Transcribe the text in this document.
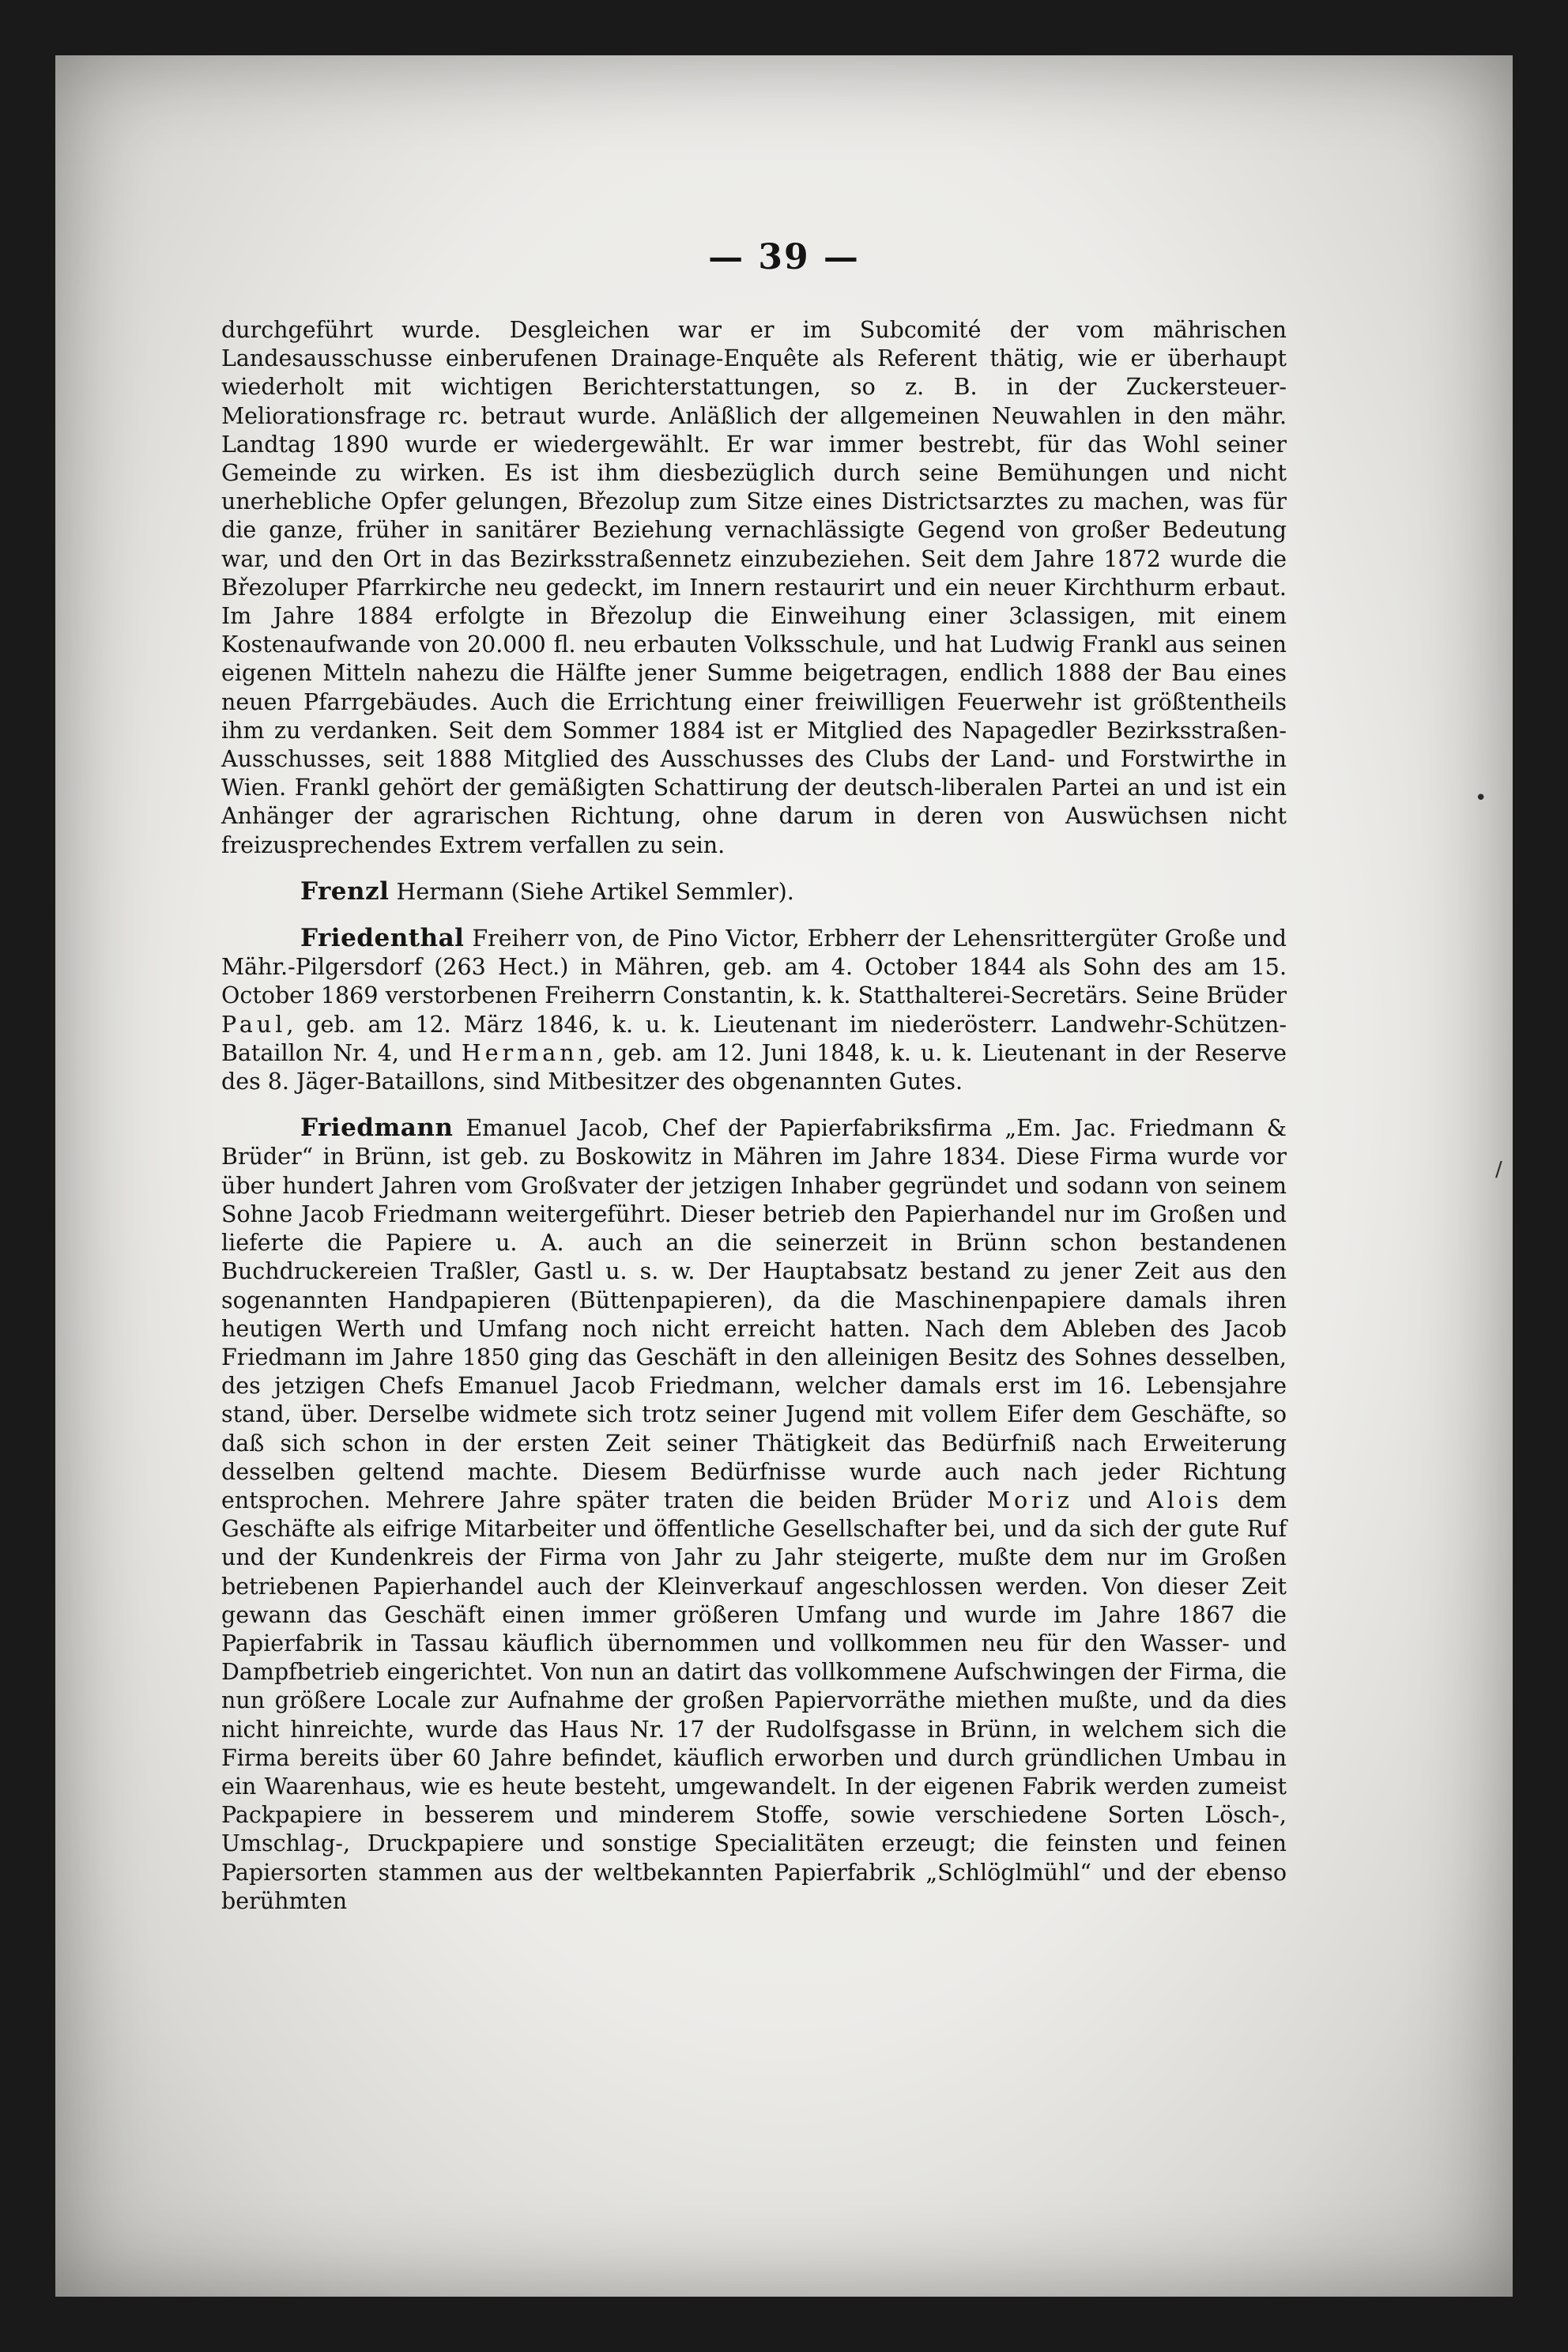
— 39 —

durchgeführt wurde. Desgleichen war er im Subcomité der vom mährischen Landesausschusse einberufenen Drainage-Enquête als Referent thätig, wie er überhaupt wiederholt mit wichtigen Berichterstattungen, so z. B. in der Zuckersteuer-Meliorationsfrage rc. betraut wurde. Anläßlich der allgemeinen Neuwahlen in den mähr. Landtag 1890 wurde er wiedergewählt. Er war immer bestrebt, für das Wohl seiner Gemeinde zu wirken. Es ist ihm diesbezüglich durch seine Bemühungen und nicht unerhebliche Opfer gelungen, Březolup zum Sitze eines Districtsarztes zu machen, was für die ganze, früher in sanitärer Beziehung vernachlässigte Gegend von großer Bedeutung war, und den Ort in das Bezirksstraßennetz einzubeziehen. Seit dem Jahre 1872 wurde die Březoluper Pfarrkirche neu gedeckt, im Innern restaurirt und ein neuer Kirchthurm erbaut. Im Jahre 1884 erfolgte in Březolup die Einweihung einer 3classigen, mit einem Kostenaufwande von 20.000 fl. neu erbauten Volksschule, und hat Ludwig Frankl aus seinen eigenen Mitteln nahezu die Hälfte jener Summe beigetragen, endlich 1888 der Bau eines neuen Pfarrgebäudes. Auch die Errichtung einer freiwilligen Feuerwehr ist größtentheils ihm zu verdanken. Seit dem Sommer 1884 ist er Mitglied des Napagedler Bezirksstraßen-Ausschusses, seit 1888 Mitglied des Ausschusses des Clubs der Land- und Forstwirthe in Wien. Frankl gehört der gemäßigten Schattirung der deutsch-liberalen Partei an und ist ein Anhänger der agrarischen Richtung, ohne darum in deren von Auswüchsen nicht freizusprechendes Extrem verfallen zu sein.

Frenzl Hermann (Siehe Artikel Semmler).

Friedenthal Freiherr von, de Pino Victor, Erbherr der Lehensrittergüter Große und Mähr.-Pilgersdorf (263 Hect.) in Mähren, geb. am 4. October 1844 als Sohn des am 15. October 1869 verstorbenen Freiherrn Constantin, k. k. Statthalterei-Secretärs. Seine Brüder Paul, geb. am 12. März 1846, k. u. k. Lieutenant im niederösterr. Landwehr-Schützen-Bataillon Nr. 4, und Hermann, geb. am 12. Juni 1848, k. u. k. Lieutenant in der Reserve des 8. Jäger-Bataillons, sind Mitbesitzer des obgenannten Gutes.

Friedmann Emanuel Jacob, Chef der Papierfabriksfirma „Em. Jac. Friedmann & Brüder“ in Brünn, ist geb. zu Boskowitz in Mähren im Jahre 1834. Diese Firma wurde vor über hundert Jahren vom Großvater der jetzigen Inhaber gegründet und sodann von seinem Sohne Jacob Friedmann weitergeführt. Dieser betrieb den Papierhandel nur im Großen und lieferte die Papiere u. A. auch an die seinerzeit in Brünn schon bestandenen Buchdruckereien Traßler, Gastl u. s. w. Der Hauptabsatz bestand zu jener Zeit aus den sogenannten Handpapieren (Büttenpapieren), da die Maschinenpapiere damals ihren heutigen Werth und Umfang noch nicht erreicht hatten. Nach dem Ableben des Jacob Friedmann im Jahre 1850 ging das Geschäft in den alleinigen Besitz des Sohnes desselben, des jetzigen Chefs Emanuel Jacob Friedmann, welcher damals erst im 16. Lebensjahre stand, über. Derselbe widmete sich trotz seiner Jugend mit vollem Eifer dem Geschäfte, so daß sich schon in der ersten Zeit seiner Thätigkeit das Bedürfniß nach Erweiterung desselben geltend machte. Diesem Bedürfnisse wurde auch nach jeder Richtung entsprochen. Mehrere Jahre später traten die beiden Brüder Moriz und Alois dem Geschäfte als eifrige Mitarbeiter und öffentliche Gesellschafter bei, und da sich der gute Ruf und der Kundenkreis der Firma von Jahr zu Jahr steigerte, mußte dem nur im Großen betriebenen Papierhandel auch der Kleinverkauf angeschlossen werden. Von dieser Zeit gewann das Geschäft einen immer größeren Umfang und wurde im Jahre 1867 die Papierfabrik in Tassau käuflich übernommen und vollkommen neu für den Wasser- und Dampfbetrieb eingerichtet. Von nun an datirt das vollkommene Aufschwingen der Firma, die nun größere Locale zur Aufnahme der großen Papiervorräthe miethen mußte, und da dies nicht hinreichte, wurde das Haus Nr. 17 der Rudolfsgasse in Brünn, in welchem sich die Firma bereits über 60 Jahre befindet, käuflich erworben und durch gründlichen Umbau in ein Waarenhaus, wie es heute besteht, umgewandelt. In der eigenen Fabrik werden zumeist Packpapiere in besserem und minderem Stoffe, sowie verschiedene Sorten Lösch-, Umschlag-, Druckpapiere und sonstige Specialitäten erzeugt; die feinsten und feinen Papiersorten stammen aus der weltbekannten Papierfabrik „Schlöglmühl“ und der ebenso berühmten

•
/
